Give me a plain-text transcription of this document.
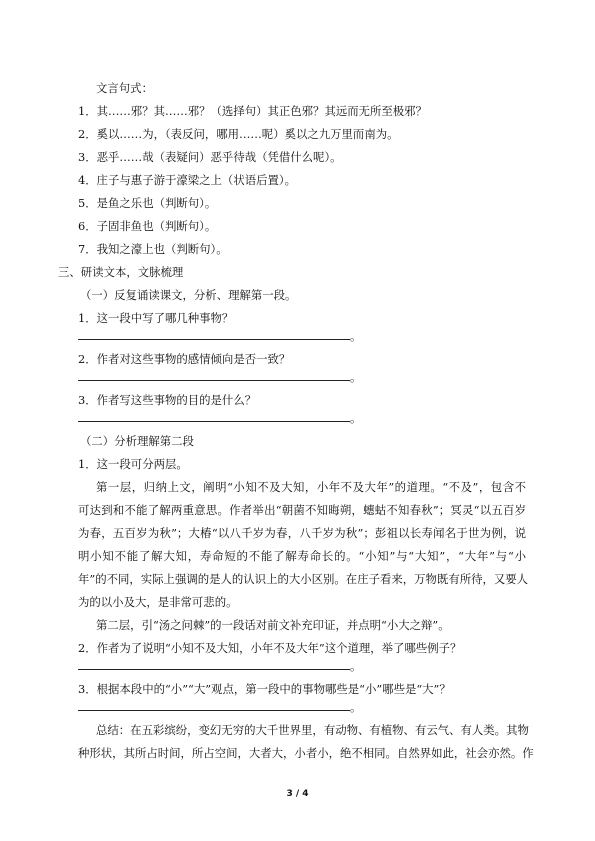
文言句式：
1．其……邪？其……邪？（选择句）其正色邪？其远而无所至极邪？
2．奚以……为，（表反问，哪用……呢）奚以之九万里而南为。
3．恶乎……哉（表疑问）恶乎待哉（凭借什么呢）。
4．庄子与惠子游于濠梁之上（状语后置）。
5．是鱼之乐也（判断句）。
6．子固非鱼也（判断句）。
7．我知之濠上也（判断句）。
三、研读文本，文脉梳理
（一）反复诵读课文，分析、理解第一段。
1．这一段中写了哪几种事物？
。
2．作者对这些事物的感情倾向是否一致？
。
3．作者写这些事物的目的是什么？
。
（二）分析理解第二段
1．这一段可分两层。
第一层，归纳上文，阐明“小知不及大知，小年不及大年”的道理。“不及”，包含不
可达到和不能了解两重意思。作者举出“朝菌不知晦朔，蟪蛄不知春秋”；冥灵“以五百岁
为春，五百岁为秋”；大椿“以八千岁为春，八千岁为秋”；彭祖以长寿闻名于世为例，说
明小知不能了解大知，寿命短的不能了解寿命长的。“小知”与“大知”，“大年”与“小
年”的不同，实际上强调的是人的认识上的大小区别。在庄子看来，万物既有所待，又要人
为的以小及大，是非常可悲的。
第二层，引“汤之问棘”的一段话对前文补充印证，并点明“小大之辩”。
2．作者为了说明“小知不及大知，小年不及大年”这个道理，举了哪些例子？
。
3．根据本段中的“小”“大”观点，第一段中的事物哪些是“小”哪些是“大”？
。
总结：在五彩缤纷，变幻无穷的大千世界里，有动物、有植物、有云气、有人类。其物
种形状，其所占时间，所占空间，大者大，小者小，绝不相同。自然界如此，社会亦然。作
3 / 4
